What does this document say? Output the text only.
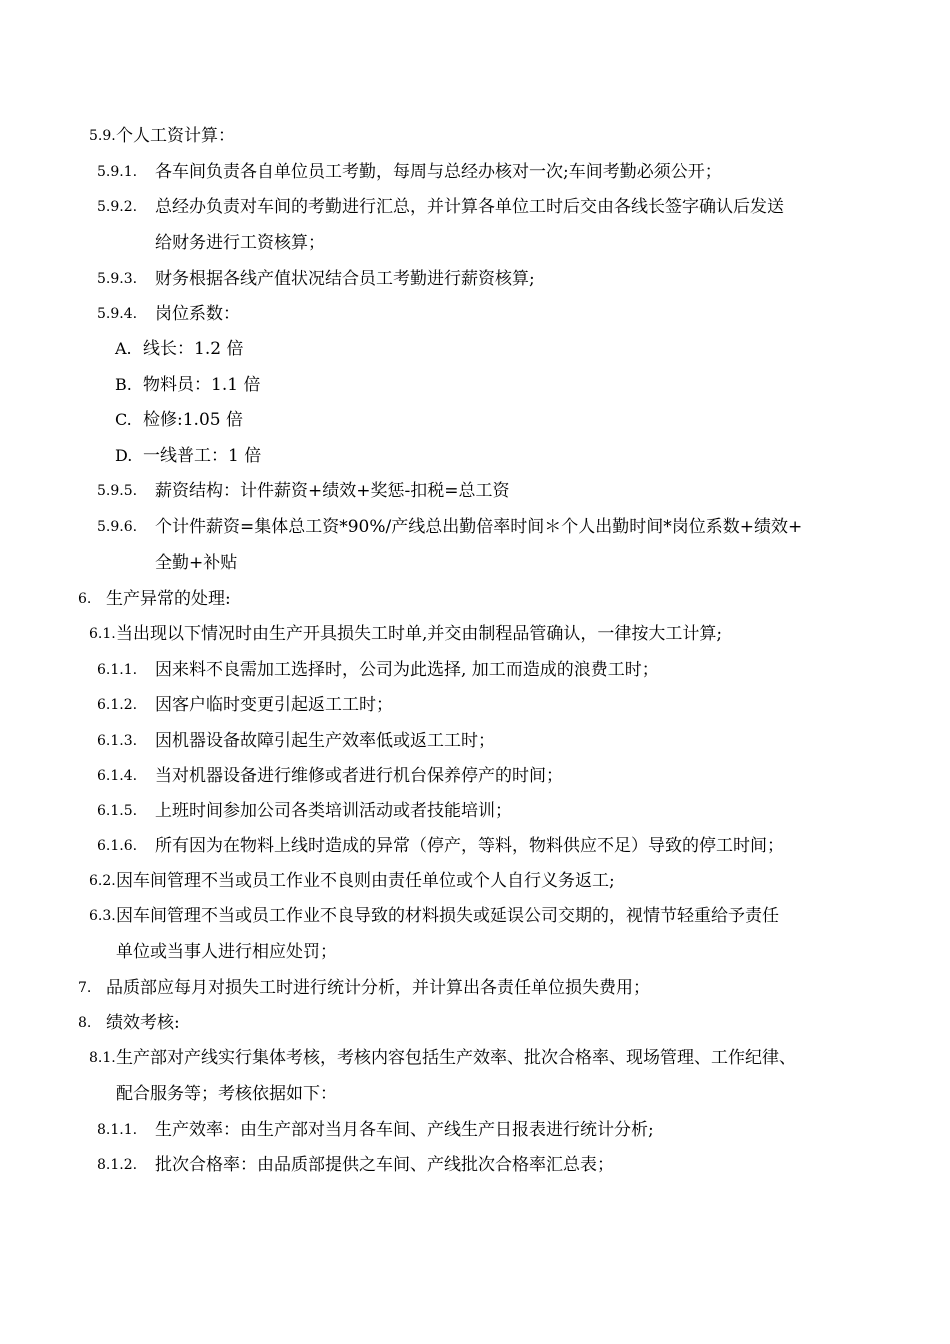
5.9. 个人工资计算：
5.9.1. 各车间负责各自单位员工考勤，每周与总经办核对一次;车间考勤必须公开；
5.9.2. 总经办负责对车间的考勤进行汇总，并计算各单位工时后交由各线长签字确认后发送
给财务进行工资核算；
5.9.3. 财务根据各线产值状况结合员工考勤进行薪资核算;
5.9.4. 岗位系数：
A. 线长：1.2 倍
B. 物料员：1.1 倍
C. 检修:1.05 倍
D. 一线普工：1 倍
5.9.5. 薪资结构：计件薪资+绩效+奖惩-扣税=总工资
5.9.6. 个计件薪资=集体总工资*90%/产线总出勤倍率时间＊个人出勤时间*岗位系数+绩效+
全勤+补贴
6. 生产异常的处理:
6.1. 当出现以下情况时由生产开具损失工时单,并交由制程品管确认，一律按大工计算;
6.1.1. 因来料不良需加工选择时，公司为此选择, 加工而造成的浪费工时；
6.1.2. 因客户临时变更引起返工工时；
6.1.3. 因机器设备故障引起生产效率低或返工工时；
6.1.4. 当对机器设备进行维修或者进行机台保养停产的时间；
6.1.5. 上班时间参加公司各类培训活动或者技能培训；
6.1.6. 所有因为在物料上线时造成的异常（停产，等料，物料供应不足）导致的停工时间；
6.2. 因车间管理不当或员工作业不良则由责任单位或个人自行义务返工;
6.3. 因车间管理不当或员工作业不良导致的材料损失或延误公司交期的，视情节轻重给予责任
单位或当事人进行相应处罚；
7. 品质部应每月对损失工时进行统计分析，并计算出各责任单位损失费用；
8. 绩效考核:
8.1. 生产部对产线实行集体考核，考核内容包括生产效率、批次合格率、现场管理、工作纪律、
配合服务等；考核依据如下：
8.1.1. 生产效率：由生产部对当月各车间、产线生产日报表进行统计分析;
8.1.2. 批次合格率：由品质部提供之车间、产线批次合格率汇总表；
